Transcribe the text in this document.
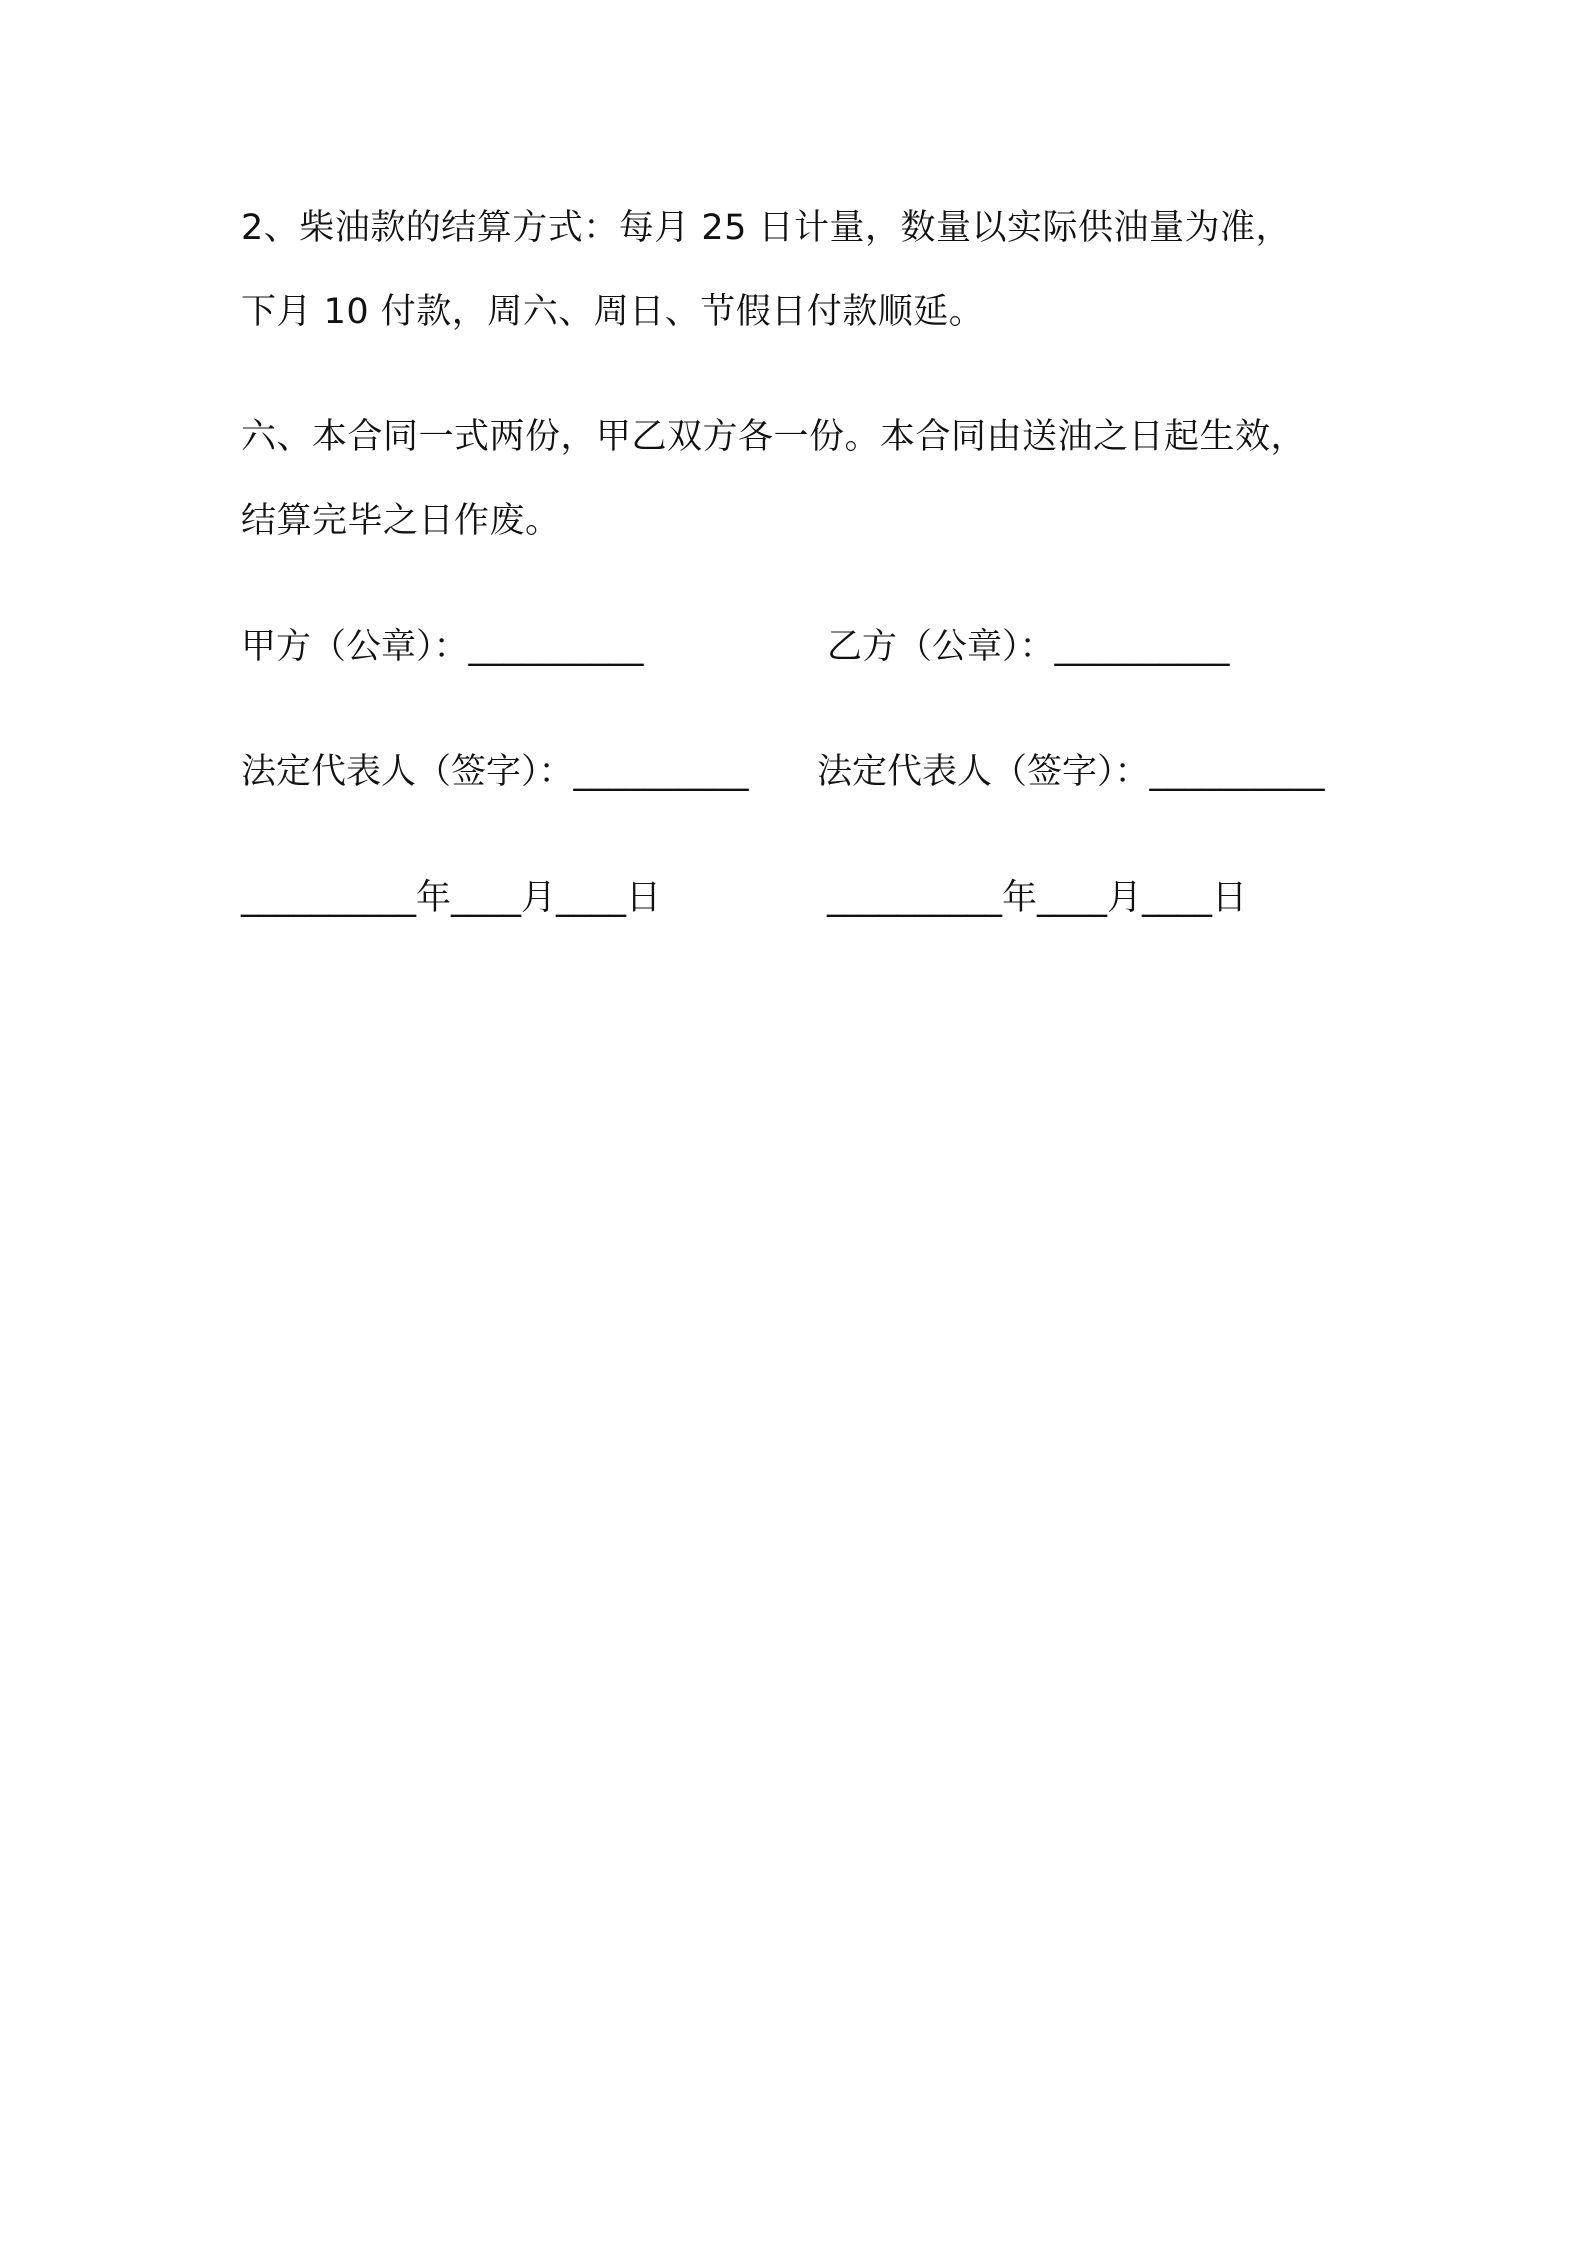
2、柴油款的结算方式：每月 25 日计量，数量以实际供油量为准，
下月 10 付款，周六、周日、节假日付款顺延。
六、本合同一式两份，甲乙双方各一份。本合同由送油之日起生效，
结算完毕之日作废。
甲方（公章）：__________	乙方（公章）：__________
法定代表人（签字）：__________ 法定代表人（签字）：__________
__________年____月____日	__________年____月____日
